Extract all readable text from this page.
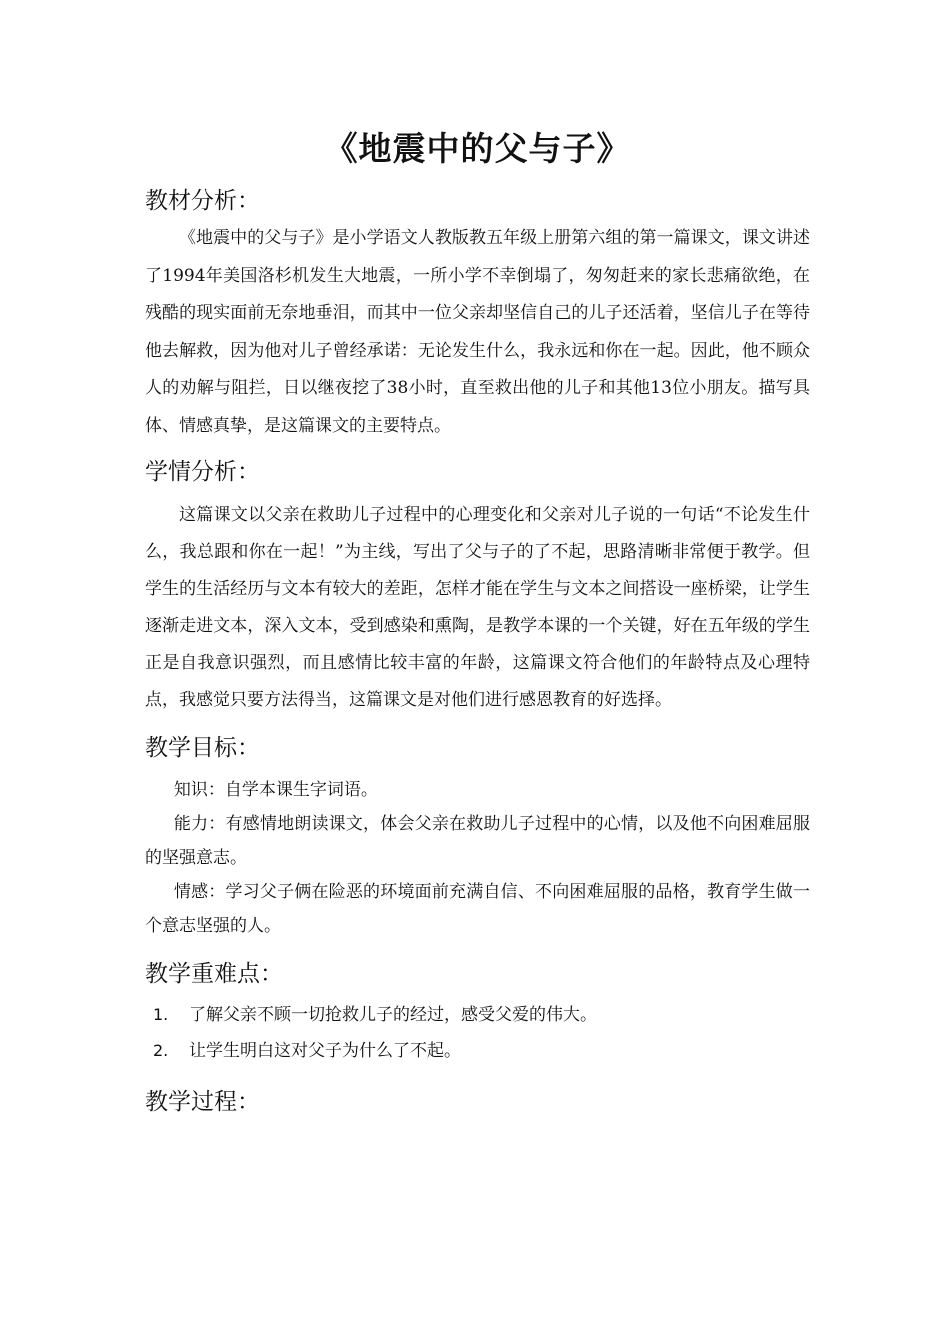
《地震中的父与子》
教材分析：

《地震中的父与子》是小学语文人教版教五年级上册第六组的第一篇课文，课文讲述了1994年美国洛杉机发生大地震，一所小学不幸倒塌了，匆匆赶来的家长悲痛欲绝，在残酷的现实面前无奈地垂泪，而其中一位父亲却坚信自己的儿子还活着，坚信儿子在等待他去解救，因为他对儿子曾经承诺：无论发生什么，我永远和你在一起。因此，他不顾众人的劝解与阻拦，日以继夜挖了38小时，直至救出他的儿子和其他13位小朋友。描写具体、情感真挚，是这篇课文的主要特点。

学情分析：

这篇课文以父亲在救助儿子过程中的心理变化和父亲对儿子说的一句话“不论发生什么，我总跟和你在一起！”为主线，写出了父与子的了不起，思路清晰非常便于教学。但学生的生活经历与文本有较大的差距，怎样才能在学生与文本之间搭设一座桥梁，让学生逐渐走进文本，深入文本，受到感染和熏陶，是教学本课的一个关键，好在五年级的学生正是自我意识强烈，而且感情比较丰富的年龄，这篇课文符合他们的年龄特点及心理特点，我感觉只要方法得当，这篇课文是对他们进行感恩教育的好选择。

教学目标：

知识：自学本课生字词语。

能力：有感情地朗读课文，体会父亲在救助儿子过程中的心情，以及他不向困难屈服的坚强意志。

情感：学习父子俩在险恶的环境面前充满自信、不向困难屈服的品格，教育学生做一个意志坚强的人。

教学重难点：
1. 了解父亲不顾一切抢救儿子的经过，感受父爱的伟大。
2. 让学生明白这对父子为什么了不起。
教学过程：
